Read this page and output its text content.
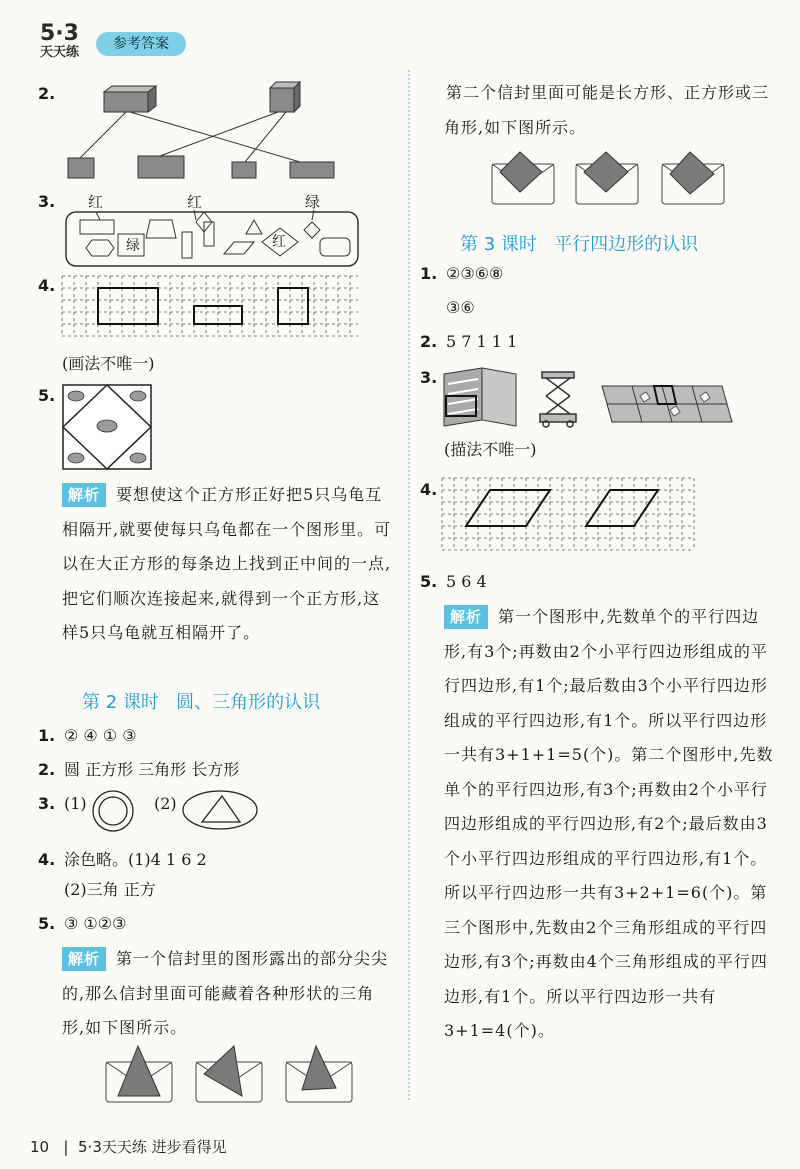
5·3
天天练
参考答案
2.
3. 红	红	绿
绿	红
4.
(画法不唯一)
5.
解析 要想使这个正方形正好把5只乌龟互相隔开,就要使每只乌龟都在一个图形里。可以在大正方形的每条边上找到正中间的一点,把它们顺次连接起来,就得到一个正方形,这样5只乌龟就互相隔开了。
第 2 课时 圆、三角形的认识
1. ② ④ ① ③
2. 圆 正方形 三角形 长方形
3. (1)	(2)
4. 涂色略。(1)4 1 6 2
(2)三角 正方
5. ③ ①②③
解析 第一个信封里的图形露出的部分尖尖的,那么信封里面可能藏着各种形状的三角形,如下图所示。
第二个信封里面可能是长方形、正方形或三角形,如下图所示。
第 3 课时 平行四边形的认识
1. ②③⑥⑧
③⑥
2. 5 7 1 1 1
3.
(描法不唯一)
4.
5. 5 6 4
解析 第一个图形中,先数单个的平行四边形,有3个;再数由2个小平行四边形组成的平行四边形,有1个;最后数由3个小平行四边形组成的平行四边形,有1个。所以平行四边形一共有3+1+1=5(个)。第二个图形中,先数单个的平行四边形,有3个;再数由2个小平行四边形组成的平行四边形,有2个;最后数由3个小平行四边形组成的平行四边形,有1个。所以平行四边形一共有3+2+1=6(个)。第三个图形中,先数由2个三角形组成的平行四边形,有3个;再数由4个三角形组成的平行四边形,有1个。所以平行四边形一共有3+1=4(个)。
10 | 5·3天天练 进步看得见
